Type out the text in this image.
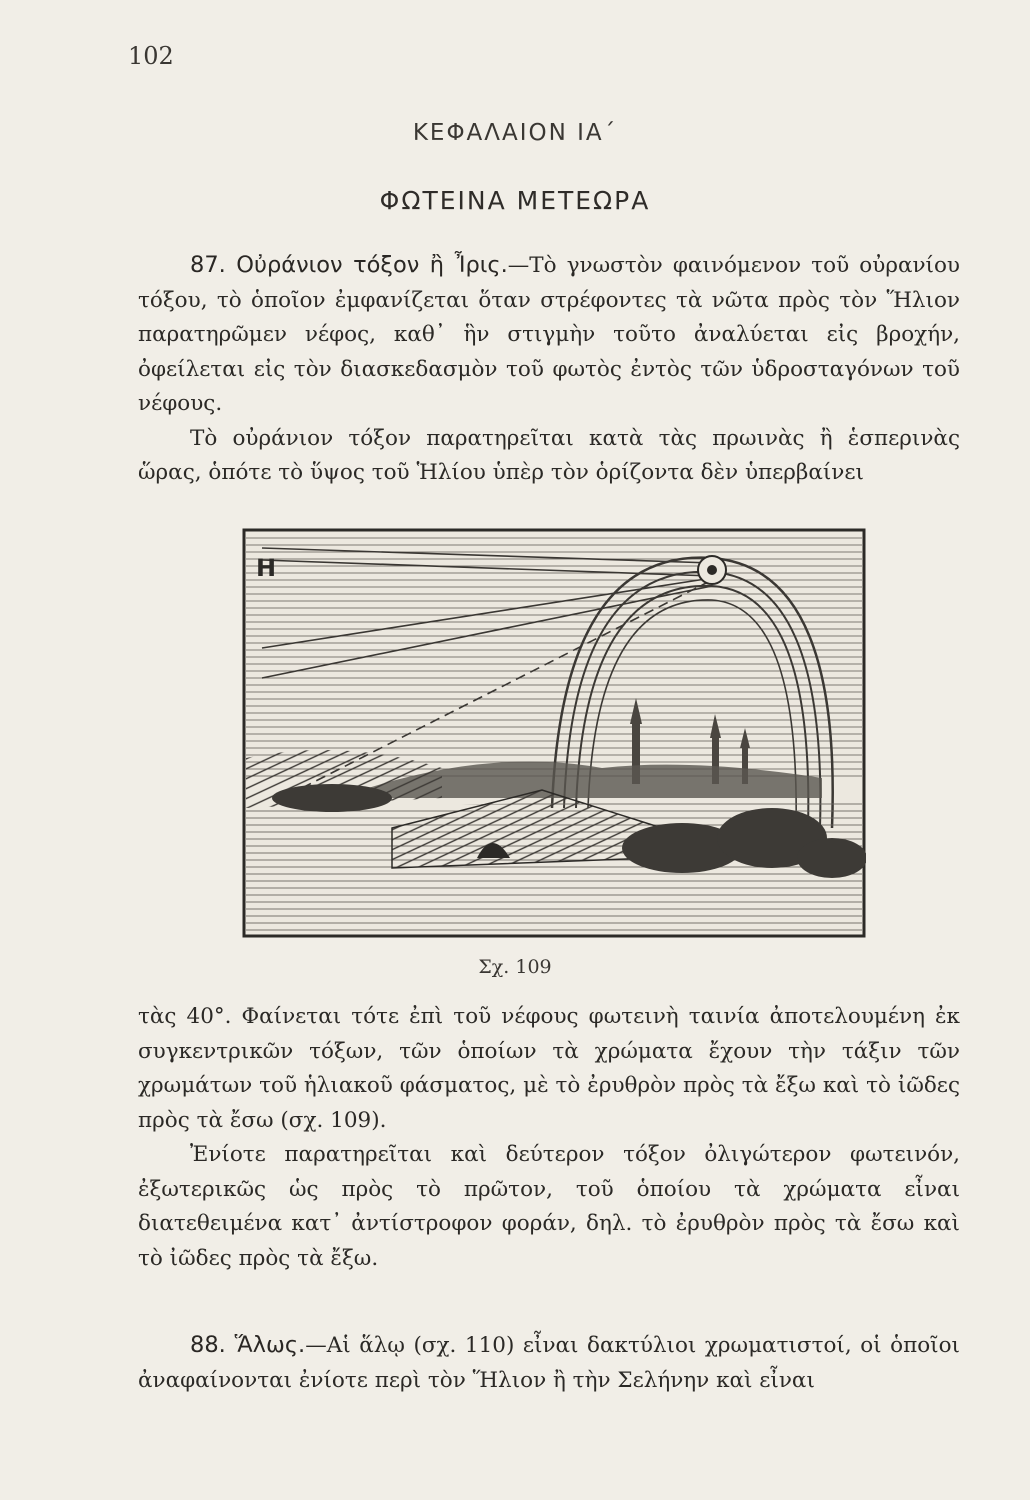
102
ΚΕΦΑΛΑΙΟΝ ΙΑ΄
ΦΩΤΕΙΝΑ ΜΕΤΕΩΡΑ

87. Οὐράνιον τόξον ἢ Ἶρις.—Τὸ γνωστὸν φαινόμενον τοῦ οὐρανίου τόξου, τὸ ὁποῖον ἐμφανίζεται ὅταν στρέφοντες τὰ νῶτα πρὸς τὸν Ἥλιον παρατηρῶμεν νέφος, καθ᾿ ἣν στιγμὴν τοῦτο ἀναλύεται εἰς βροχήν, ὀφείλεται εἰς τὸν διασκεδασμὸν τοῦ φωτὸς ἐντὸς τῶν ὑδροσταγόνων τοῦ νέφους.

Τὸ οὐράνιον τόξον παρατηρεῖται κατὰ τὰς πρωινὰς ἢ ἑσπερινὰς ὥρας, ὁπότε τὸ ὕψος τοῦ Ἡλίου ὑπὲρ τὸν ὁρίζοντα δὲν ὑπερβαίνει

Η
Σχ. 109

τὰς 40°. Φαίνεται τότε ἐπὶ τοῦ νέφους φωτεινὴ ταινία ἀποτελουμένη ἐκ συγκεντρικῶν τόξων, τῶν ὁποίων τὰ χρώματα ἔχουν τὴν τάξιν τῶν χρωμάτων τοῦ ἡλιακοῦ φάσματος, μὲ τὸ ἐρυθρὸν πρὸς τὰ ἔξω καὶ τὸ ἰῶδες πρὸς τὰ ἔσω (σχ. 109).

Ἐνίοτε παρατηρεῖται καὶ δεύτερον τόξον ὀλιγώτερον φωτεινόν, ἐξωτερικῶς ὡς πρὸς τὸ πρῶτον, τοῦ ὁποίου τὰ χρώματα εἶναι διατεθειμένα κατ᾿ ἀντίστροφον φοράν, δηλ. τὸ ἐρυθρὸν πρὸς τὰ ἔσω καὶ τὸ ἰῶδες πρὸς τὰ ἔξω.

88. Ἅλως.—Αἱ ἅλῳ (σχ. 110) εἶναι δακτύλιοι χρωματιστοί, οἱ ὁποῖοι ἀναφαίνονται ἐνίοτε περὶ τὸν Ἥλιον ἢ τὴν Σελήνην καὶ εἶναι
